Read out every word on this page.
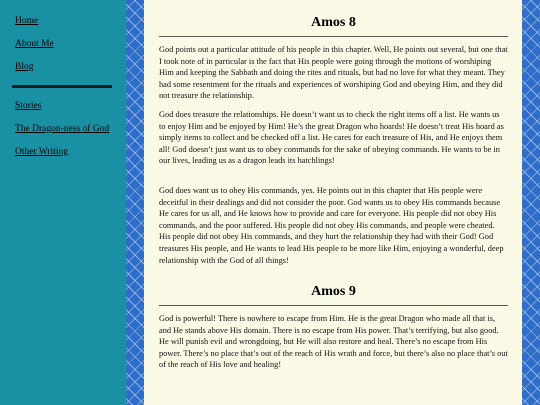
Home
About Me
Blog
Stories
The Dragon-ness of God
Other Writing
Amos 8

God points out a particular attitude of his people in this chapter. Well, He points out several, but one that I took note of in particular is the fact that His people were going through the motions of worshiping Him and keeping the Sabbath and doing the rites and rituals, but had no love for what they meant. They had some resentment for the rituals and experiences of worshiping God and obeying Him, and they did not treasure the relationship.

God does treasure the relationships. He doesn’t want us to check the right items off a list. He wants us to enjoy Him and be enjoyed by Him! He’s the great Dragon who hoards! He doesn’t treat His hoard as simply items to collect and be checked off a list. He cares for each treasure of His, and He enjoys them all! God doesn’t just want us to obey commands for the sake of obeying commands. He wants to be in our lives, leading us as a dragon leads its hatchlings!

God does want us to obey His commands, yes. He points out in this chapter that His people were deceitful in their dealings and did not consider the poor. God wants us to obey His commands because He cares for us all, and He knows how to provide and care for everyone. His people did not obey His commands, and the poor suffered. His people did not obey His commands, and people were cheated. His people did not obey His commands, and they hurt the relationship they had with their God! God treasures His people, and He wants to lead His people to be more like Him, enjoying a wonderful, deep relationship with the God of all things!

Amos 9

God is powerful! There is nowhere to escape from Him. He is the great Dragon who made all that is, and He stands above His domain. There is no escape from His power. That’s terrifying, but also good. He will punish evil and wrongdoing, but He will also restore and heal. There’s no escape from His power. There’s no place that’s out of the reach of His wrath and force, but there’s also no place that’s out of the reach of His love and healing!
